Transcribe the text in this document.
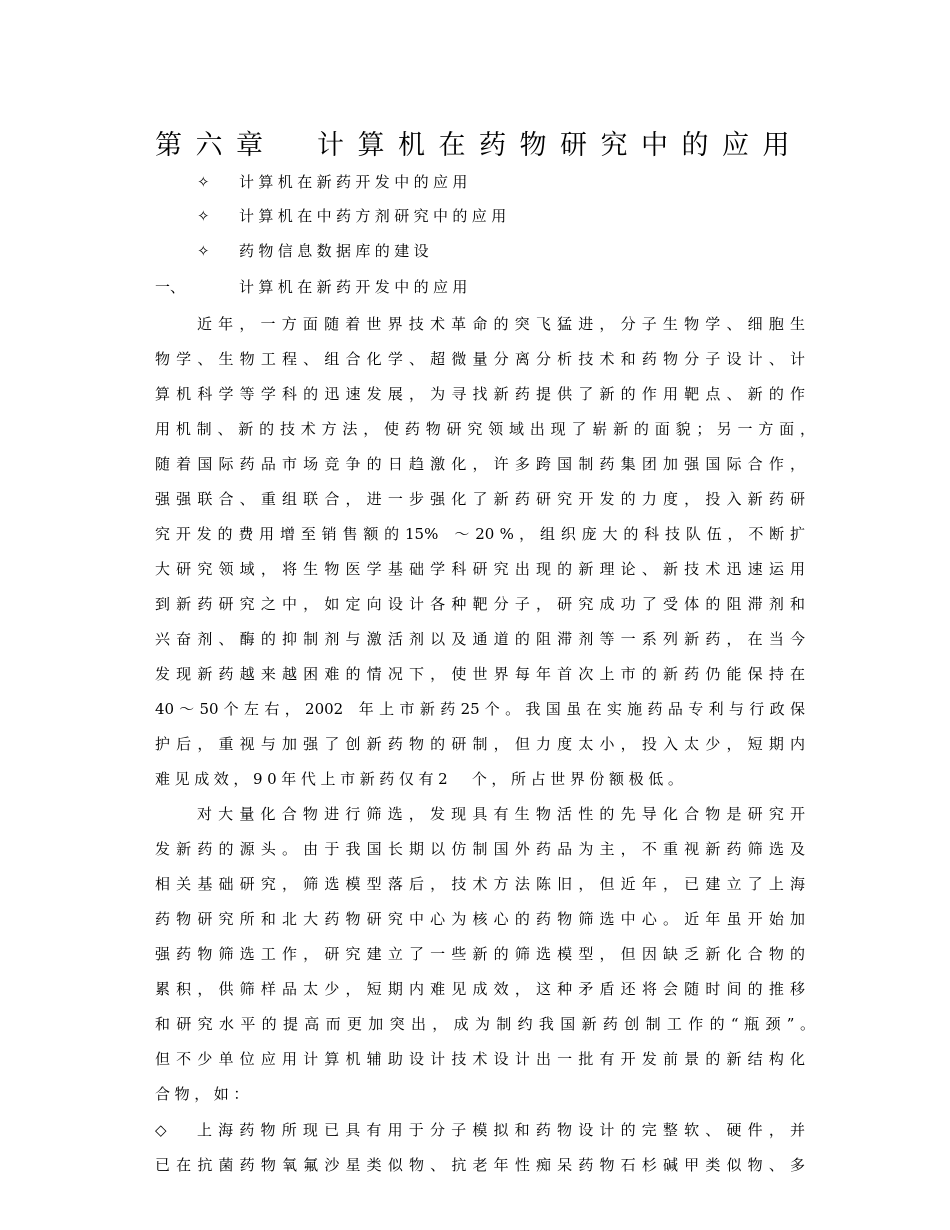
第六章　计算机在药物研究中的应用
✧ 计算机在新药开发中的应用
✧ 计算机在中药方剂研究中的应用
✧ 药物信息数据库的建设
一、	计算机在新药开发中的应用
近 年 ， 一 方 面 随 着 世 界 技 术 革 命 的 突 飞 猛 进 ， 分 子 生 物 学 、 细 胞 生
物 学 、 生 物 工 程 、 组 合 化 学 、 超 微 量 分 离 分 析 技 术 和 药 物 分 子 设 计 、 计
算 机 科 学 等 学 科 的 迅 速 发 展 ， 为 寻 找 新 药 提 供 了 新 的 作 用 靶 点 、 新 的 作
用 机 制 、 新 的 技 术 方 法 ， 使 药 物 研 究 领 域 出 现 了 崭 新 的 面 貌 ； 另 一 方 面 ，
随 着 国 际 药 品 市 场 竞 争 的 日 趋 激 化 ， 许 多 跨 国 制 药 集 团 加 强 国 际 合 作 ，
强 强 联 合 、 重 组 联 合 ， 进 一 步 强 化 了 新 药 研 究 开 发 的 力 度 ， 投 入 新 药 研
究 开 发 的 费 用 增 至 销 售 额 的 15%　～ 20 % ， 组 织 庞 大 的 科 技 队 伍 ， 不 断 扩
大 研 究 领 域 ， 将 生 物 医 学 基 础 学 科 研 究 出 现 的 新 理 论 、 新 技 术 迅 速 运 用
到 新 药 研 究 之 中 ， 如 定 向 设 计 各 种 靶 分 子 ， 研 究 成 功 了 受 体 的 阻 滞 剂 和
兴 奋 剂 、 酶 的 抑 制 剂 与 激 活 剂 以 及 通 道 的 阻 滞 剂 等 一 系 列 新 药 ， 在 当 今
发 现 新 药 越 来 越 困 难 的 情 况 下 ， 使 世 界 每 年 首 次 上 市 的 新 药 仍 能 保 持 在
40 ～ 50 个 左 右 ， 2002　年 上 市 新 药 25 个 。 我 国 虽 在 实 施 药 品 专 利 与 行 政 保
护 后 ， 重 视 与 加 强 了 创 新 药 物 的 研 制 ， 但 力 度 太 小 ， 投 入 太 少 ， 短 期 内
难见成效，90年代上市新药仅有2　个，所占世界份额极低。
对 大 量 化 合 物 进 行 筛 选 ， 发 现 具 有 生 物 活 性 的 先 导 化 合 物 是 研 究 开
发 新 药 的 源 头 。 由 于 我 国 长 期 以 仿 制 国 外 药 品 为 主 ， 不 重 视 新 药 筛 选 及
相 关 基 础 研 究 ， 筛 选 模 型 落 后 ， 技 术 方 法 陈 旧 ， 但 近 年 ， 已 建 立 了 上 海
药 物 研 究 所 和 北 大 药 物 研 究 中 心 为 核 心 的 药 物 筛 选 中 心 。 近 年 虽 开 始 加
强 药 物 筛 选 工 作 ， 研 究 建 立 了 一 些 新 的 筛 选 模 型 ， 但 因 缺 乏 新 化 合 物 的
累 积 ， 供 筛 样 品 太 少 ， 短 期 内 难 见 成 效 ， 这 种 矛 盾 还 将 会 随 时 间 的 推 移
和 研 究 水 平 的 提 高 而 更 加 突 出 ， 成 为 制 约 我 国 新 药 创 制 工 作 的 “ 瓶 颈 ” 。
但 不 少 单 位 应 用 计 算 机 辅 助 设 计 技 术 设 计 出 一 批 有 开 发 前 景 的 新 结 构 化
合物，如：
◇ 上 海 药 物 所 现 已 具 有 用 于 分 子 模 拟 和 药 物 设 计 的 完 整 软 、 硬 件 ， 并
已 在 抗 菌 药 物 氧 氟 沙 星 类 似 物 、 抗 老 年 性 痴 呆 药 物 石 杉 碱 甲 类 似 物 、 多
